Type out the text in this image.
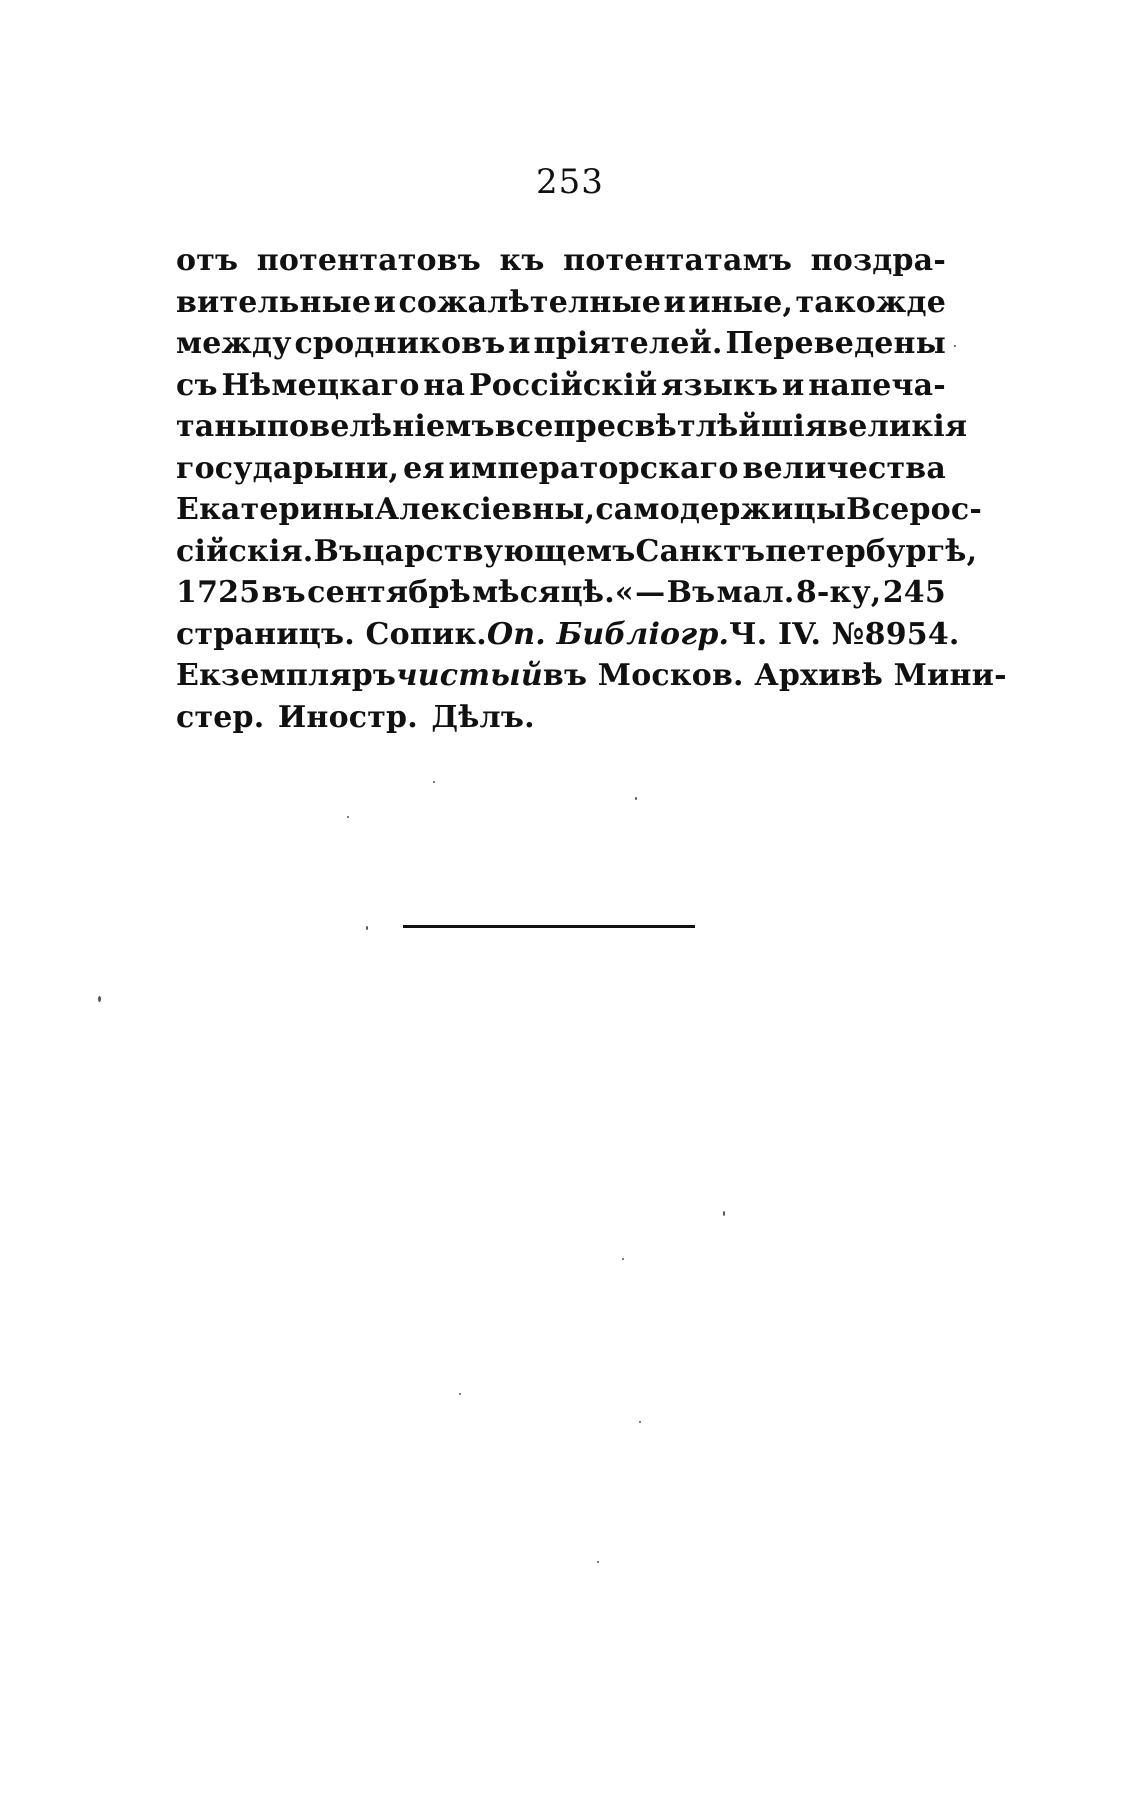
253
отъ потентатовъ къ потентатамъ поздра-
вительные и сожалѣтелные и иные, такожде
между сродниковъ и пріятелей. Переведены
съ Нѣмецкаго на Россійскій языкъ и напеча-
таны повелѣніемъ всепресвѣтлѣйшія великія
государыни, ея императорскаго величества
Екатерины Алексіевны, самодержицы Всерос-
сійскія. Въ царствующемъ Санктъпетербургѣ,
1725 въ сентябрѣ мѣсяцѣ.« — Въ мал. 8-ку, 245
страницъ. Сопик. Оп. Библіогр. Ч. IV. № 8954.
Екземпляръ чистый въ Москов. Архивѣ Мини-
стер. Иностр. Дѣлъ.
